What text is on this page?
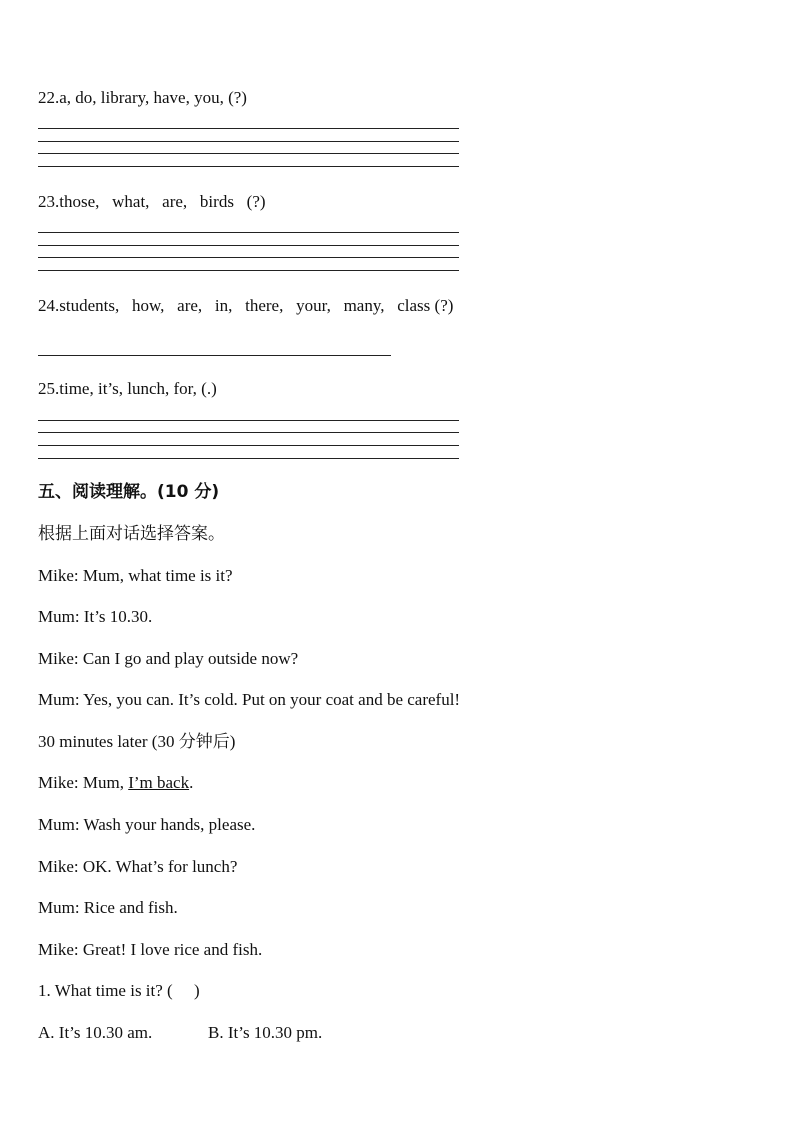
22.a, do, library, have, you, (?)
23.those,   what,   are,   birds   (?)
24.students,   how,   are,   in,   there,   your,   many,   class (?)
25.time, it’s, lunch, for, (.)
五、阅读理解。(10 分)
根据上面对话选择答案。
Mike: Mum, what time is it?
Mum: It’s 10.30.
Mike: Can I go and play outside now?
Mum: Yes, you can. It’s cold. Put on your coat and be careful!
30 minutes later (30 分钟后)
Mike: Mum, I’m back.
Mum: Wash your hands, please.
Mike: OK. What’s for lunch?
Mum: Rice and fish.
Mike: Great! I love rice and fish.
1. What time is it? (     )
A. It’s 10.30 am.	B. It’s 10.30 pm.
